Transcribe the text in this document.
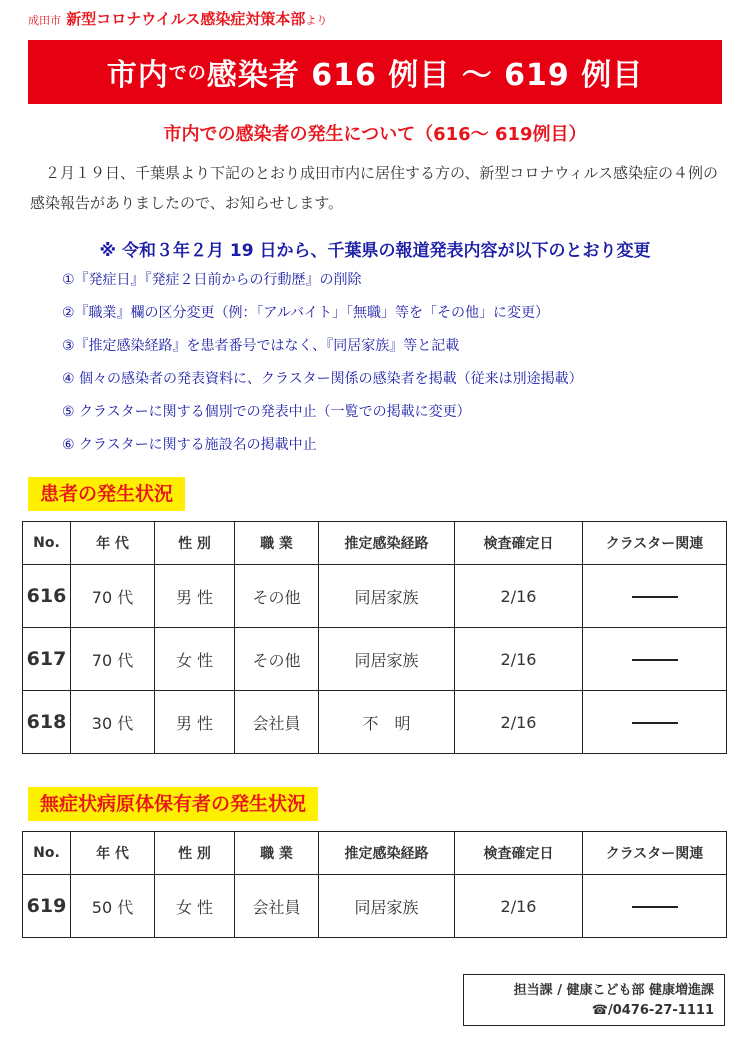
成田市 新型コロナウイルス感染症対策本部より
市内 での 感染者 616 例目 ～ 619 例目
市内での感染者の発生について（616～ 619例目）
２月１９日、千葉県より下記のとおり成田市内に居住する方の、新型コロナウィルス感染症の４例の感染報告がありましたので、お知らせします。
※ 令和３年２月 19 日から、千葉県の報道発表内容が以下のとおり変更
①『発症日』『発症２日前からの行動歴』の削除
②『職業』欄の区分変更（例：「アルバイト」「無職」等を「その他」に変更）
③『推定感染経路』を患者番号ではなく、『同居家族』等と記載
④ 個々の感染者の発表資料に、クラスター関係の感染者を掲載（従来は別途掲載）
⑤ クラスターに関する個別での発表中止（一覧での掲載に変更）
⑥ クラスターに関する施設名の掲載中止
患者の発生状況
No.	年 代	性 別	職 業	推定感染経路	検査確定日	クラスター関連
616	70 代	男 性	その他	同居家族	2/16	
617	70 代	女 性	その他	同居家族	2/16	
618	30 代	男 性	会社員	不　明	2/16	
無症状病原体保有者の発生状況
No.	年 代	性 別	職 業	推定感染経路	検査確定日	クラスター関連
619	50 代	女 性	会社員	同居家族	2/16	
担当課 / 健康こども部 健康増進課
☎/0476-27-1111
